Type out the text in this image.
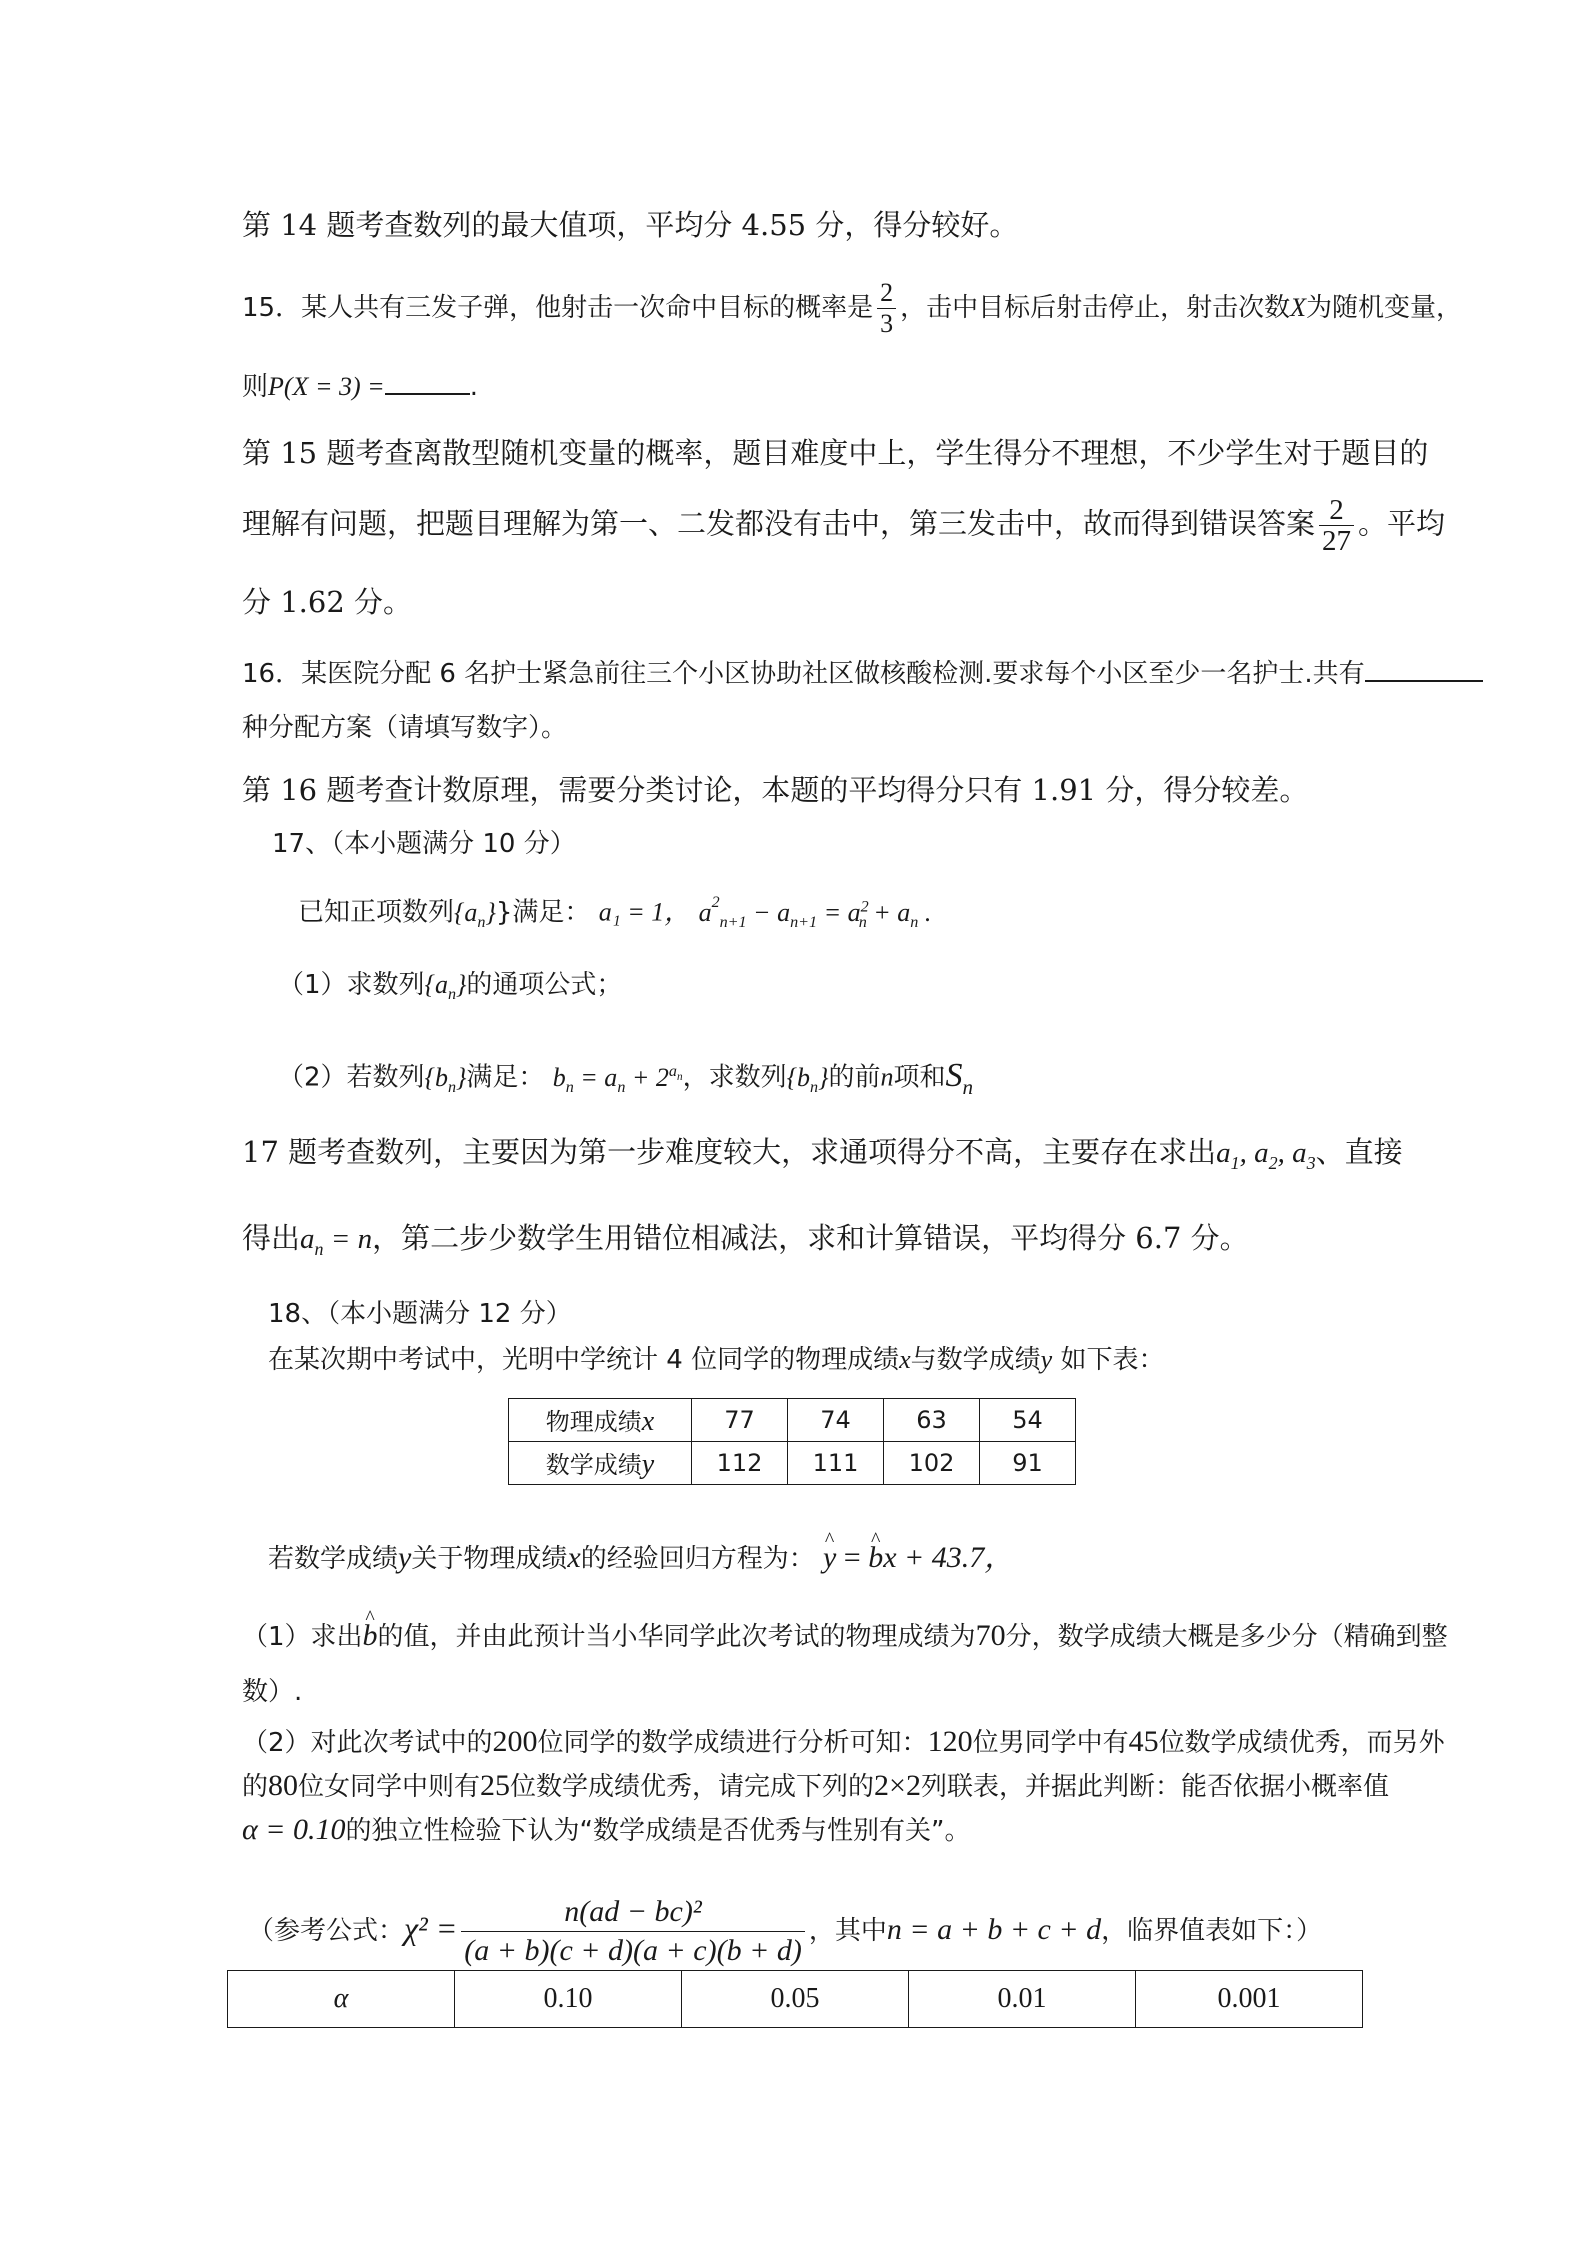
第 14 题考查数列的最大值项，平均分 4.55 分，得分较好。
15．某人共有三发子弹，他射击一次命中目标的概率是 $\frac{2}{3}$ ，击中目标后射击停止，射击次数X为随机变量，
则P(X = 3) =	.
第 15 题考查离散型随机变量的概率，题目难度中上，学生得分不理想，不少学生对于题目的
理解有问题，把题目理解为第一、二发都没有击中，第三发击中，故而得到错误答案 $\frac{2}{27}$ 。平均
分 1.62 分。
16．某医院分配 6 名护士紧急前往三个小区协助社区做核酸检测.要求每个小区至少一名护士.共有
种分配方案（请填写数字）。
第 16 题考查计数原理，需要分类讨论，本题的平均得分只有 1.91 分，得分较差。
17、（本小题满分 10 分）
已知正项数列$\{a_n\}$}满足： a₁ = 1， $a_{2n+1} - a_{n+1} = a^2_n + a_n$ .
（1）求数列$\{a_n\}$的通项公式；
（2）若数列$\{b_n\}$满足： $b_n = a_n + 2^{a_n}$，求数列$\{b_n\}$的前n项和$S_n$
17 题考查数列，主要因为第一步难度较大，求通项得分不高，主要存在求出$a_1$, $a_2$, $a_3$、直接
得出$a_n = n$，第二步少数学生用错位相减法，求和计算错误，平均得分 6.7 分。
18、（本小题满分 12 分）
在某次期中考试中，光明中学统计 4 位同学的物理成绩x与数学成绩y 如下表：
物理成绩x	77	74	63	54
数学成绩y	112	111	102	91
若数学成绩y关于物理成绩x的经验回归方程为： ^ y = ^ bx + 43.7，
（1）求出^ b的值，并由此预计当小华同学此次考试的物理成绩为70分，数学成绩大概是多少分（精确到整
数）.
（2）对此次考试中的200位同学的数学成绩进行分析可知：120位男同学中有45位数学成绩优秀，而另外
的80位女同学中则有25位数学成绩优秀，请完成下列的2×2列联表，并据此判断：能否依据小概率值
α = 0.10的独立性检验下认为“数学成绩是否优秀与性别有关”。
（参考公式：$\chi^2 = \frac{\text{n(ad − bc)²}}{(a + b)(c + d)(a + c)(b + d)}$ ，其中n = a + b + c + d，临界值表如下：）
α	0.10	0.05	0.01	0.001
